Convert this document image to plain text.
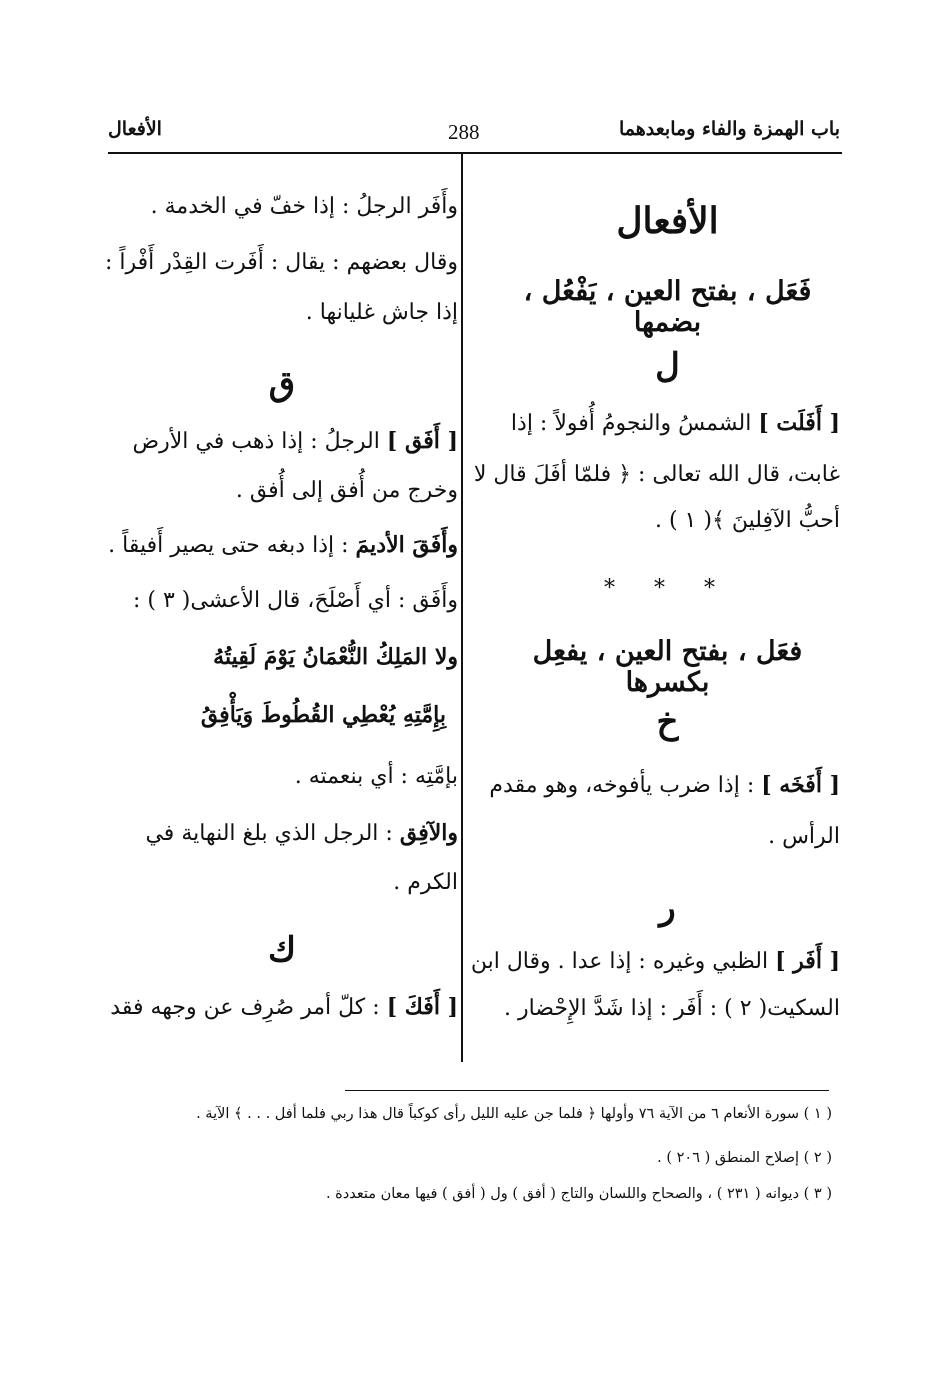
الأفعال	288	باب الهمزة والفاء ومابعدهما
الأفعال
فَعَل ، بفتح العين ، يَفْعُل ، بضمها
ل
[ أَفَلَت ] الشمسُ والنجومُ أُفولاً : إذا
غابت، قال الله تعالى : ﴿ فلمّا أفَلَ قال لا
أحبُّ الآفِلينَ ﴾( ١ ) .
* * *
فعَل ، بفتح العين ، يفعِل بكسرها
خ
[ أَفَخَه ] : إذا ضرب يأفوخه، وهو مقدم
الرأس .
ر
[ أَفَر ] الظبي وغيره : إذا عدا . وقال ابن
السكيت( ٢ ) : أَفَر : إذا شَدَّ الإِحْضار .
وأَفَر الرجلُ : إذا خفّ في الخدمة .
وقال بعضهم : يقال : أَفَرت القِدْر أَفْراً :
إذا جاش غليانها .
ق
[ أَفَق ] الرجلُ : إذا ذهب في الأرض
وخرج من أُفق إلى أُفق .
وأَفَقَ الأديمَ : إذا دبغه حتى يصير أَفيقاً .
وأَفَق : أي أَصْلَحَ، قال الأعشى( ٣ ) :
ولا المَلِكُ النُّعْمَانُ يَوْمَ لَقِيتُهُ
بِإِمَّتِهِ يُعْطِي القُطُوطَ وَيَأْفِقُ
بإمَّتِه : أي بنعمته .
والآفِق : الرجل الذي بلغ النهاية في
الكرم .
ك
[ أَفَكَ ] : كلّ أمر صُرِف عن وجهه فقد
( ١ ) سورة الأنعام ٦ من الآية ٧٦ وأولها ﴿ فلما جن عليه الليل رأى كوكباً قال هذا ربي فلما أفل . . . ﴾ الآية .
( ٢ ) إصلاح المنطق ( ٢٠٦ ) .
( ٣ ) ديوانه ( ٢٣١ ) ، والصحاح واللسان والتاج ( أفق ) ول ( أفق ) فيها معان متعددة .
